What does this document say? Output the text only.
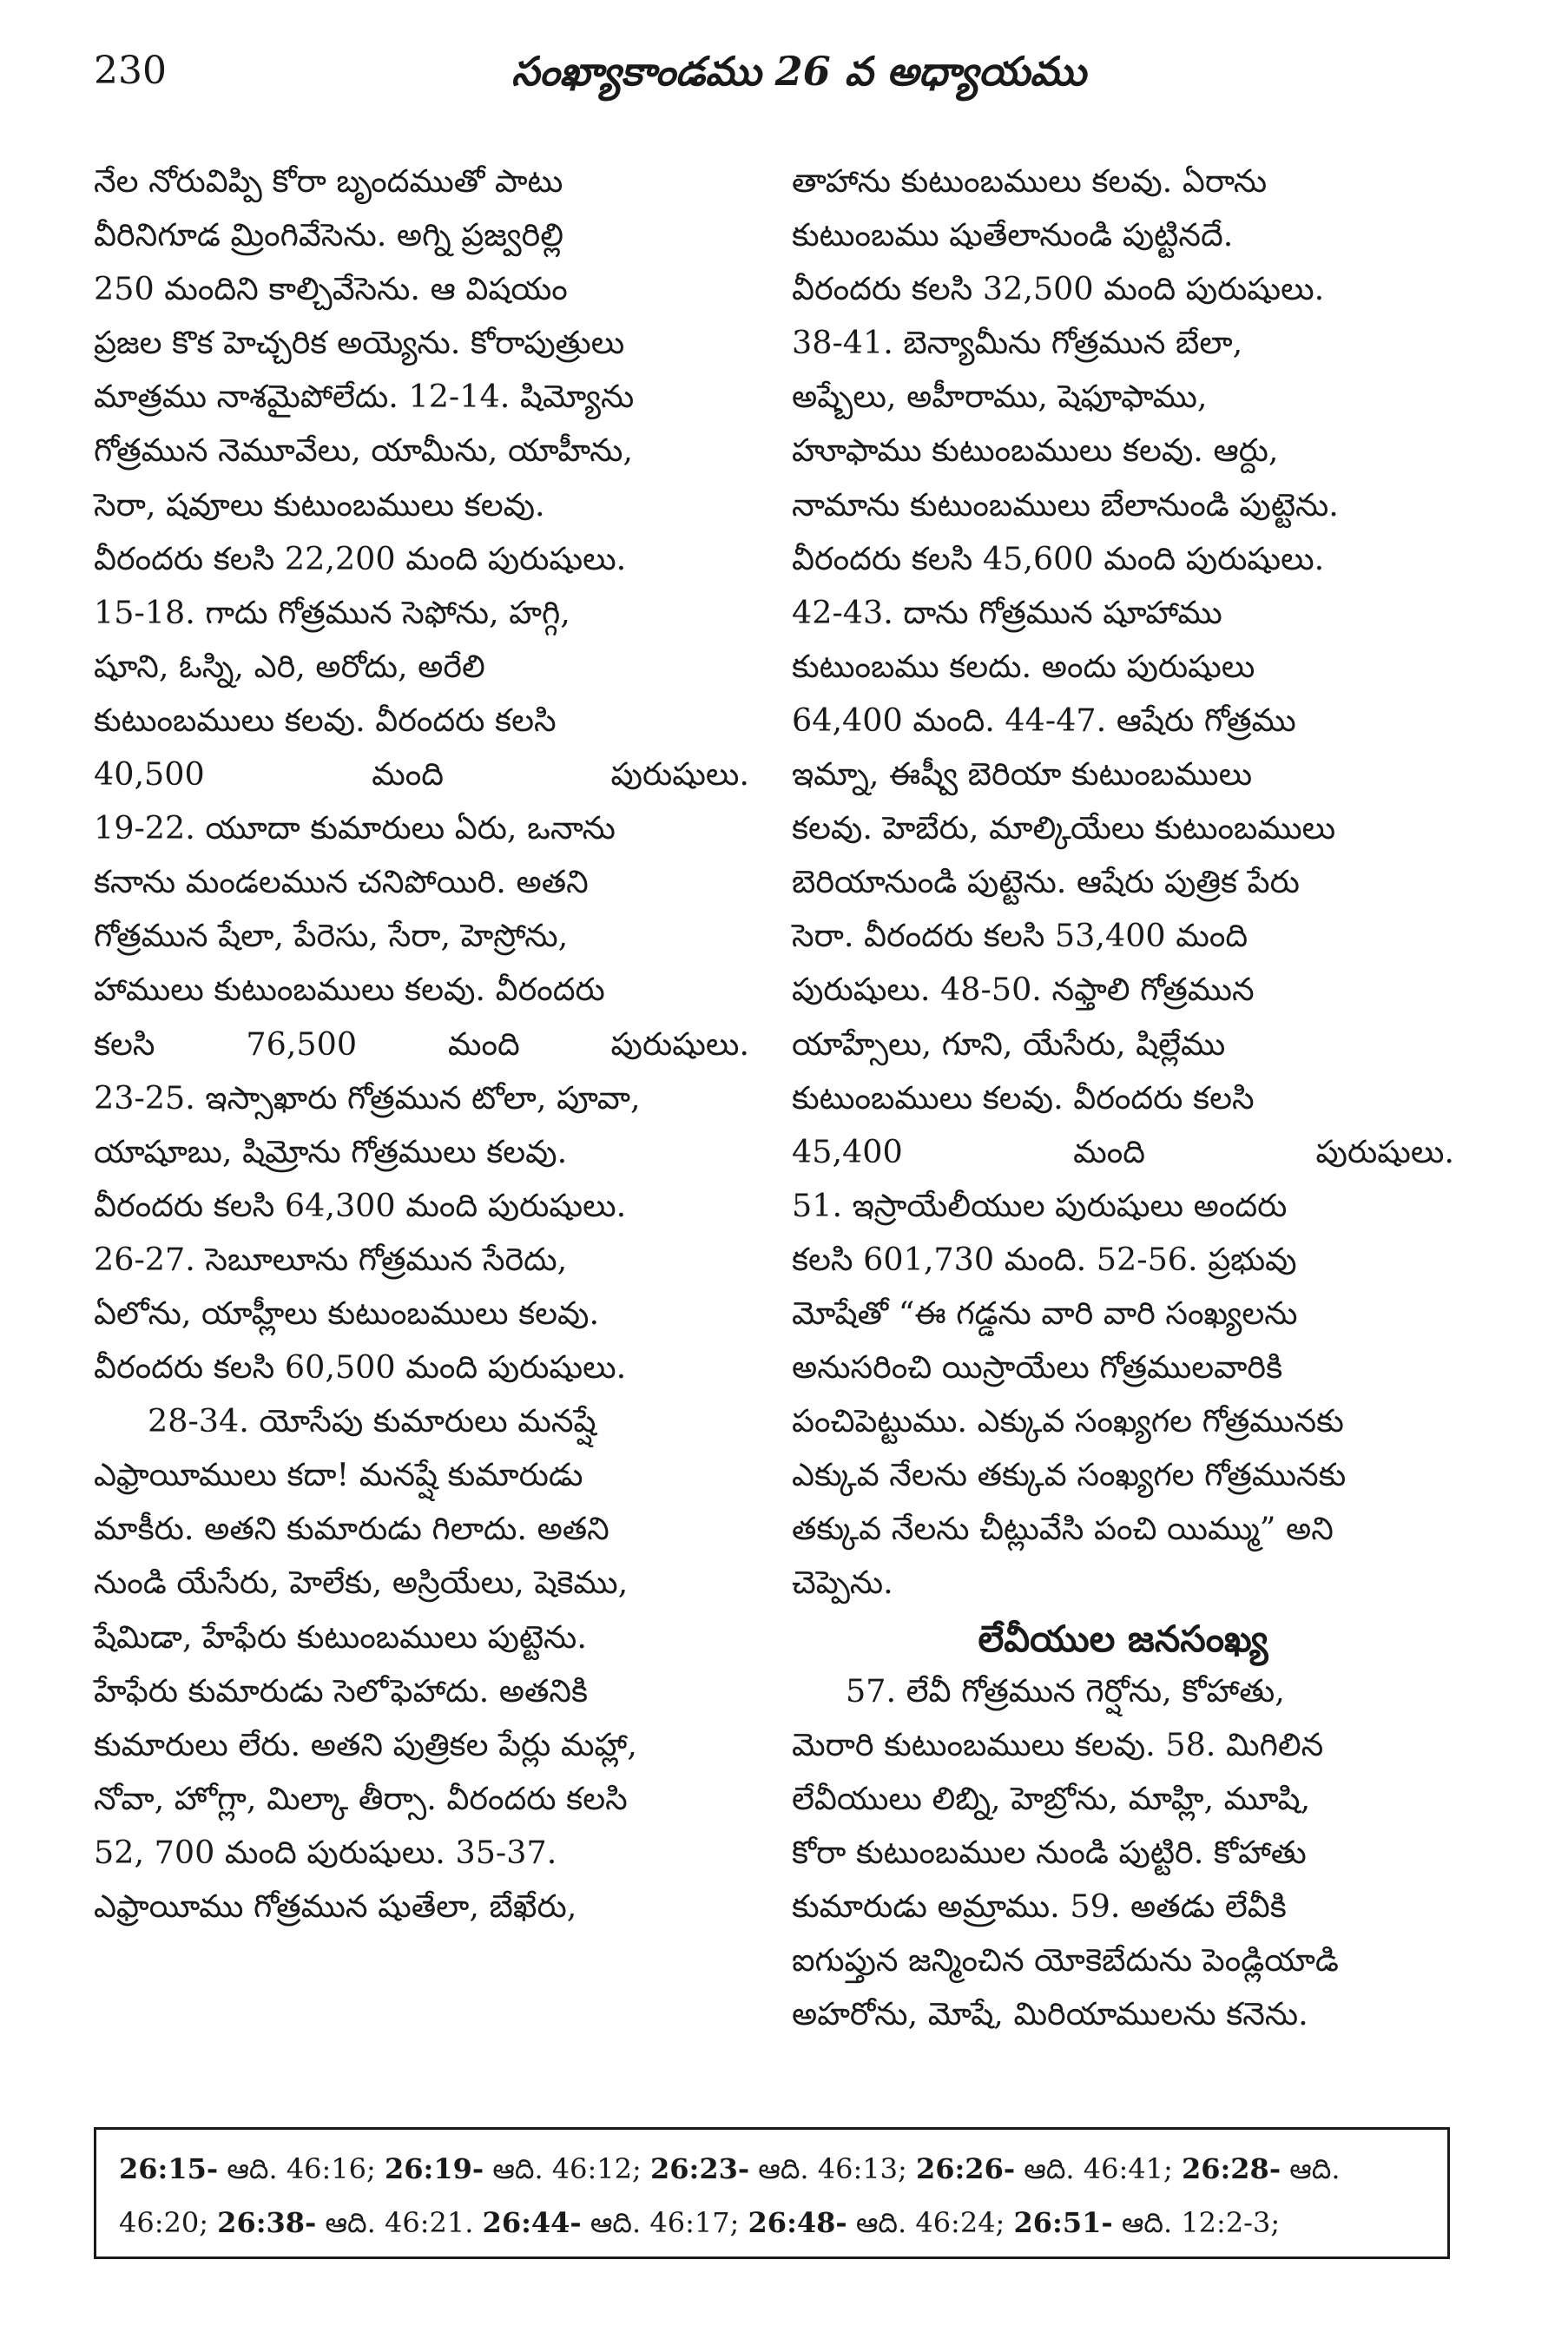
230	సంఖ్యాకాండము 26 వ అధ్యాయము
నేల నోరువిప్పి కోరా బృందముతో పాటు
వీరినిగూడ మ్రింగివేసెను. అగ్ని ప్రజ్వరిల్లి
250 మందిని కాల్చివేసెను. ఆ విషయం
ప్రజల కొక హెచ్చరిక అయ్యెను. కోరాపుత్రులు
మాత్రము నాశమైపోలేదు. 12-14. షిమ్యోను
గోత్రమున నెమూవేలు, యామీను, యాహీను,
సెరా, షవూలు కుటుంబములు కలవు.
వీరందరు కలసి 22,200 మంది పురుషులు.
15-18. గాదు గోత్రమున సెఫోను, హగ్గి,
షూని, ఓస్ని, ఎరి, అరోదు, అరేలి
కుటుంబములు కలవు. వీరందరు కలసి
40,500	మంది	పురుషులు.
19-22. యూదా కుమారులు ఏరు, ఒనాను
కనాను మండలమున చనిపోయిరి. అతని
గోత్రమున షేలా, పేరెసు, సేరా, హెస్రోను,
హాములు కుటుంబములు కలవు. వీరందరు
కలసి	76,500	మంది	పురుషులు.
23-25. ఇస్సాఖారు గోత్రమున టోలా, పూవా,
యాషూబు, షిమ్రోను గోత్రములు కలవు.
వీరందరు కలసి 64,300 మంది పురుషులు.
26-27. సెబూలూను గోత్రమున సేరెదు,
ఏలోను, యాహ్లీలు కుటుంబములు కలవు.
వీరందరు కలసి 60,500 మంది పురుషులు.
28-34. యోసేపు కుమారులు మనష్షే
ఎఫ్రాయీములు కదా! మనష్షే కుమారుడు
మాకీరు. అతని కుమారుడు గిలాదు. అతని
నుండి యేసేరు, హెలేకు, అస్రియేలు, షెకెము,
షేమిడా, హేఫేరు కుటుంబములు పుట్టెను.
హేఫేరు కుమారుడు సెలోఫెహాదు. అతనికి
కుమారులు లేరు. అతని పుత్రికల పేర్లు మహ్లా,
నోవా, హోగ్లా, మిల్కా తీర్సా. వీరందరు కలసి
52, 700 మంది పురుషులు. 35-37.
ఎఫ్రాయీము గోత్రమున షుతేలా, బేఖేరు,
తాహాను కుటుంబములు కలవు. ఏరాను
కుటుంబము షుతేలానుండి పుట్టినదే.
వీరందరు కలసి 32,500 మంది పురుషులు.
38-41. బెన్యామీను గోత్రమున బేలా,
అష్బేలు, అహీరాము, షెఫూఫాము,
హూఫాము కుటుంబములు కలవు. ఆర్దు,
నామాను కుటుంబములు బేలానుండి పుట్టెను.
వీరందరు కలసి 45,600 మంది పురుషులు.
42-43. దాను గోత్రమున షూహాము
కుటుంబము కలదు. అందు పురుషులు
64,400 మంది. 44-47. ఆషేరు గోత్రము
ఇమ్నా, ఈష్వీ బెరియా కుటుంబములు
కలవు. హెబేరు, మాల్కియేలు కుటుంబములు
బెరియానుండి పుట్టెను. ఆషేరు పుత్రిక పేరు
సెరా. వీరందరు కలసి 53,400 మంది
పురుషులు. 48-50. నఫ్తాలి గోత్రమున
యాహ్సేలు, గూని, యేసేరు, షిల్లేము
కుటుంబములు కలవు. వీరందరు కలసి
45,400	మంది	పురుషులు.
51. ఇస్రాయేలీయుల పురుషులు అందరు
కలసి 601,730 మంది. 52-56. ప్రభువు
మోషేతో “ఈ గడ్డను వారి వారి సంఖ్యలను
అనుసరించి యిస్రాయేలు గోత్రములవారికి
పంచిపెట్టుము. ఎక్కువ సంఖ్యగల గోత్రమునకు
ఎక్కువ నేలను తక్కువ సంఖ్యగల గోత్రమునకు
తక్కువ నేలను చీట్లువేసి పంచి యిమ్ము” అని
చెప్పెను.
లేవీయుల జనసంఖ్య
57. లేవీ గోత్రమున గెర్షోను, కోహాతు,
మెరారి కుటుంబములు కలవు. 58. మిగిలిన
లేవీయులు లిబ్ని, హెబ్రోను, మాహ్లి, మూషి,
కోరా కుటుంబముల నుండి పుట్టిరి. కోహాతు
కుమారుడు అమ్రాము. 59. అతడు లేవీకి
ఐగుప్తున జన్మించిన యోకెబేదును పెండ్లియాడి
అహరోను, మోషే, మిరియాములను కనెను.
26:15- ఆది. 46:16; 26:19- ఆది. 46:12; 26:23- ఆది. 46:13; 26:26- ఆది. 46:41; 26:28- ఆది.
46:20; 26:38- ఆది. 46:21. 26:44- ఆది. 46:17; 26:48- ఆది. 46:24; 26:51- ఆది. 12:2-3;
